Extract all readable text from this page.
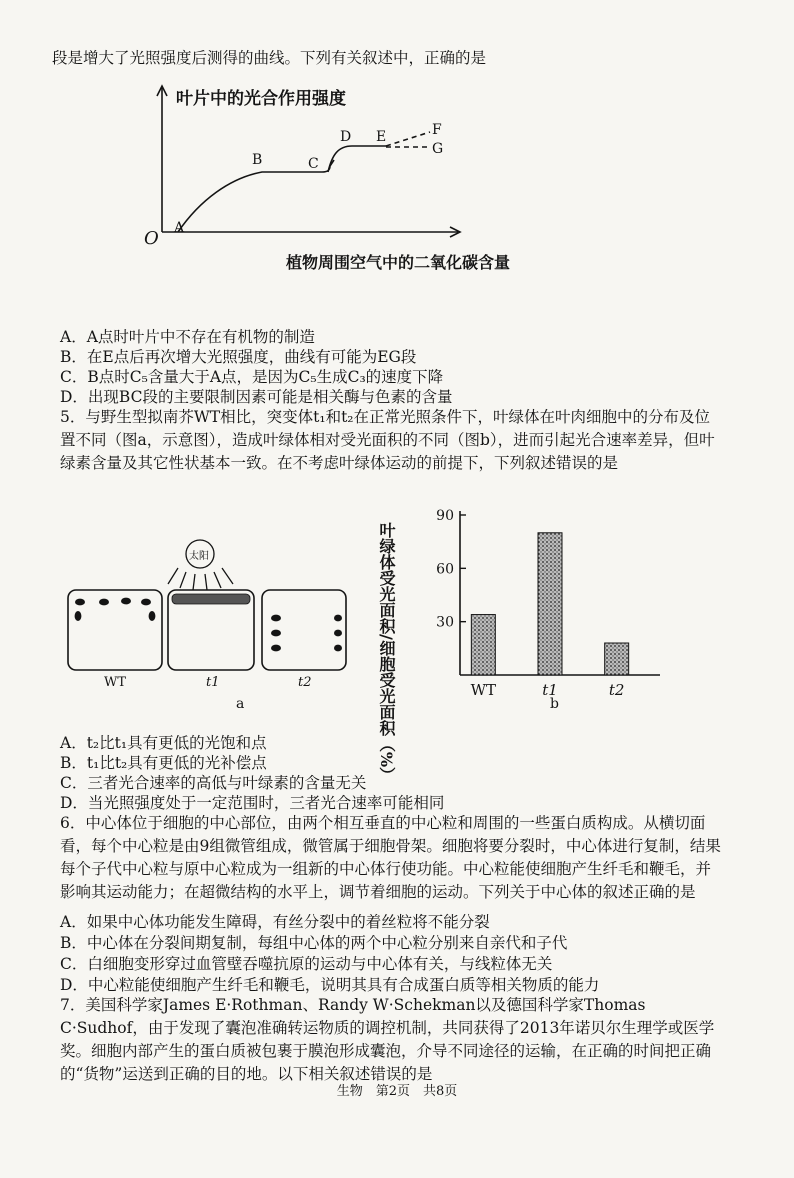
段是增大了光照强度后测得的曲线。下列有关叙述中，正确的是
叶片中的光合作用强度
植物周围空气中的二氧化碳含量
O A
B	C
D E	F
G
A．A点时叶片中不存在有机物的制造
B．在E点后再次增大光照强度，曲线有可能为EG段
C．B点时C₅含量大于A点，是因为C₅生成C₃的速度下降
D．出现BC段的主要限制因素可能是相关酶与色素的含量
5．与野生型拟南芥WT相比，突变体t₁和t₂在正常光照条件下，叶绿体在叶肉细胞中的分布及位置不同（图a，示意图），造成叶绿体相对受光面积的不同（图b），进而引起光合速率差异，但叶绿素含量及其它性状基本一致。在不考虑叶绿体运动的前提下，下列叙述错误的是
太阳
WT	t1	t2
a	叶绿体受光面积/细胞受光面积（%）	30
60
90
WT	t1	t2
b
A．t₂比t₁具有更低的光饱和点
B．t₁比t₂具有更低的光补偿点
C．三者光合速率的高低与叶绿素的含量无关
D．当光照强度处于一定范围时，三者光合速率可能相同
6．中心体位于细胞的中心部位，由两个相互垂直的中心粒和周围的一些蛋白质构成。从横切面看，每个中心粒是由9组微管组成，微管属于细胞骨架。细胞将要分裂时，中心体进行复制，结果每个子代中心粒与原中心粒成为一组新的中心体行使功能。中心粒能使细胞产生纤毛和鞭毛，并影响其运动能力；在超微结构的水平上，调节着细胞的运动。下列关于中心体的叙述正确的是
A．如果中心体功能发生障碍，有丝分裂中的着丝粒将不能分裂
B．中心体在分裂间期复制，每组中心体的两个中心粒分别来自亲代和子代
C．白细胞变形穿过血管壁吞噬抗原的运动与中心体有关，与线粒体无关
D．中心粒能使细胞产生纤毛和鞭毛，说明其具有合成蛋白质等相关物质的能力
7．美国科学家James E·Rothman、Randy W·Schekman以及德国科学家Thomas C·Sudhof，由于发现了囊泡准确转运物质的调控机制，共同获得了2013年诺贝尔生理学或医学奖。细胞内部产生的蛋白质被包裹于膜泡形成囊泡，介导不同途径的运输，在正确的时间把正确的“货物”运送到正确的目的地。以下相关叙述错误的是
生物　第2页　共8页
